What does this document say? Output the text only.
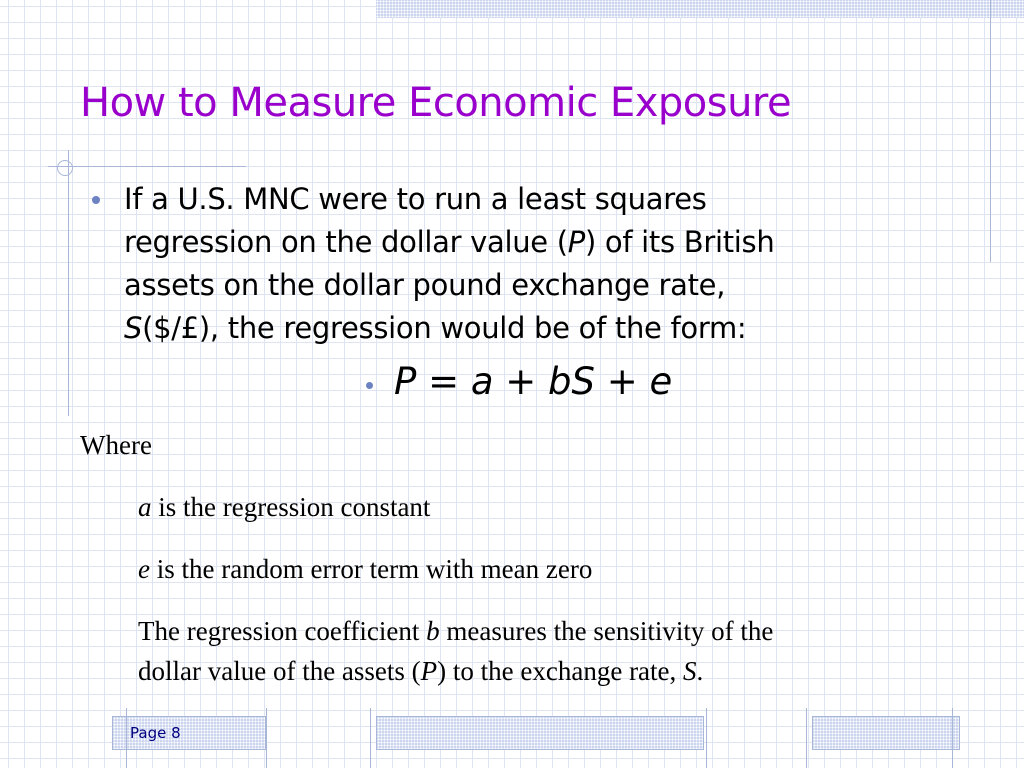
How to Measure Economic Exposure
If a U.S. MNC were to run a least squares
regression on the dollar value (P) of its British
assets on the dollar pound exchange rate,
S($/£), the regression would be of the form:
P = a + bS + e
Where
a is the regression constant
e is the random error term with mean zero
The regression coefficient b measures the sensitivity of the
dollar value of the assets (P) to the exchange rate, S.
Page 8
